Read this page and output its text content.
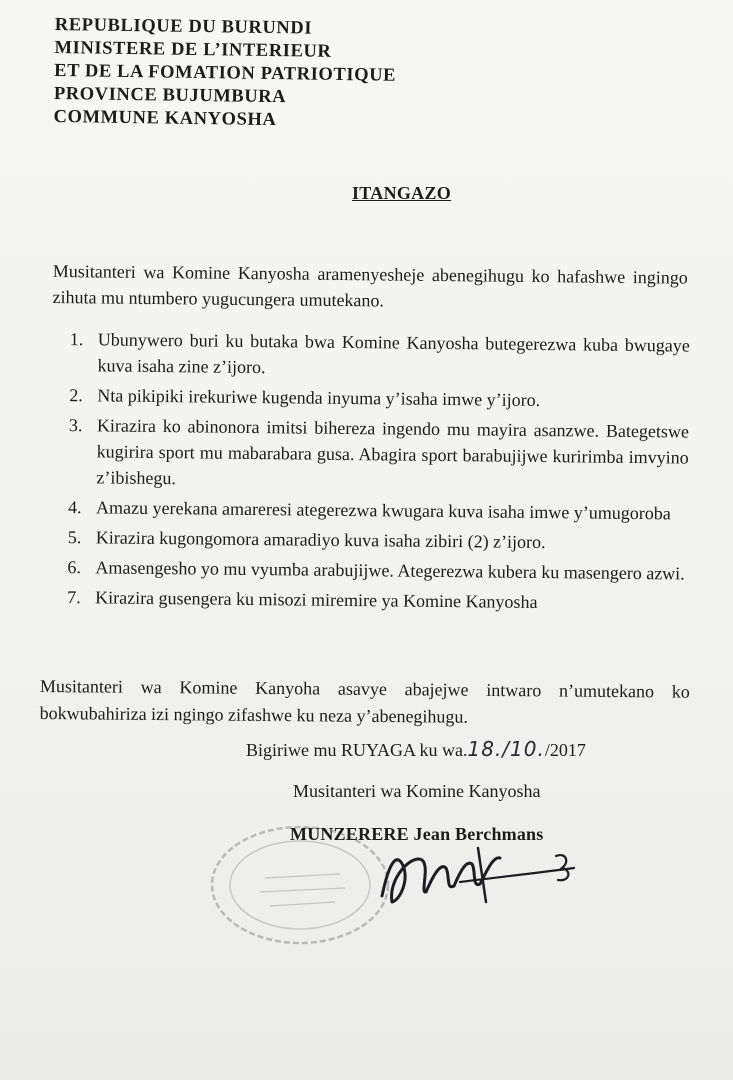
REPUBLIQUE DU BURUNDI
MINISTERE DE L’INTERIEUR
ET DE LA FOMATION PATRIOTIQUE
PROVINCE BUJUMBURA
COMMUNE KANYOSHA
ITANGAZO
Musitanteri wa Komine Kanyosha aramenyesheje abenegihugu ko hafashwe ingingo zihuta mu ntumbero yugucungera umutekano.
1. Ubunywero buri ku butaka bwa Komine Kanyosha butegerezwa kuba bwugaye kuva isaha zine z’ijoro.
2. Nta pikipiki irekuriwe kugenda inyuma y’isaha imwe y’ijoro.
3. Kirazira ko abinonora imitsi bihereza ingendo mu mayira asanzwe. Bategetswe kugirira sport mu mabarabara gusa. Abagira sport barabujijwe kuririmba imvyino z’ibishegu.
4. Amazu yerekana amareresi ategerezwa kwugara kuva isaha imwe y’umugoroba
5. Kirazira kugongomora amaradiyo kuva isaha zibiri (2) z’ijoro.
6. Amasengesho yo mu vyumba arabujijwe. Ategerezwa kubera ku masengero azwi.
7. Kirazira gusengera ku misozi miremire ya Komine Kanyosha
Musitanteri wa Komine Kanyoha asavye abajejwe intwaro n’umutekano ko bokwubahiriza izi ngingo zifashwe ku neza y’abenegihugu.
Bigiriwe mu RUYAGA ku wa.18./10./2017
Musitanteri wa Komine Kanyosha
MUNZERERE Jean Berchmans
